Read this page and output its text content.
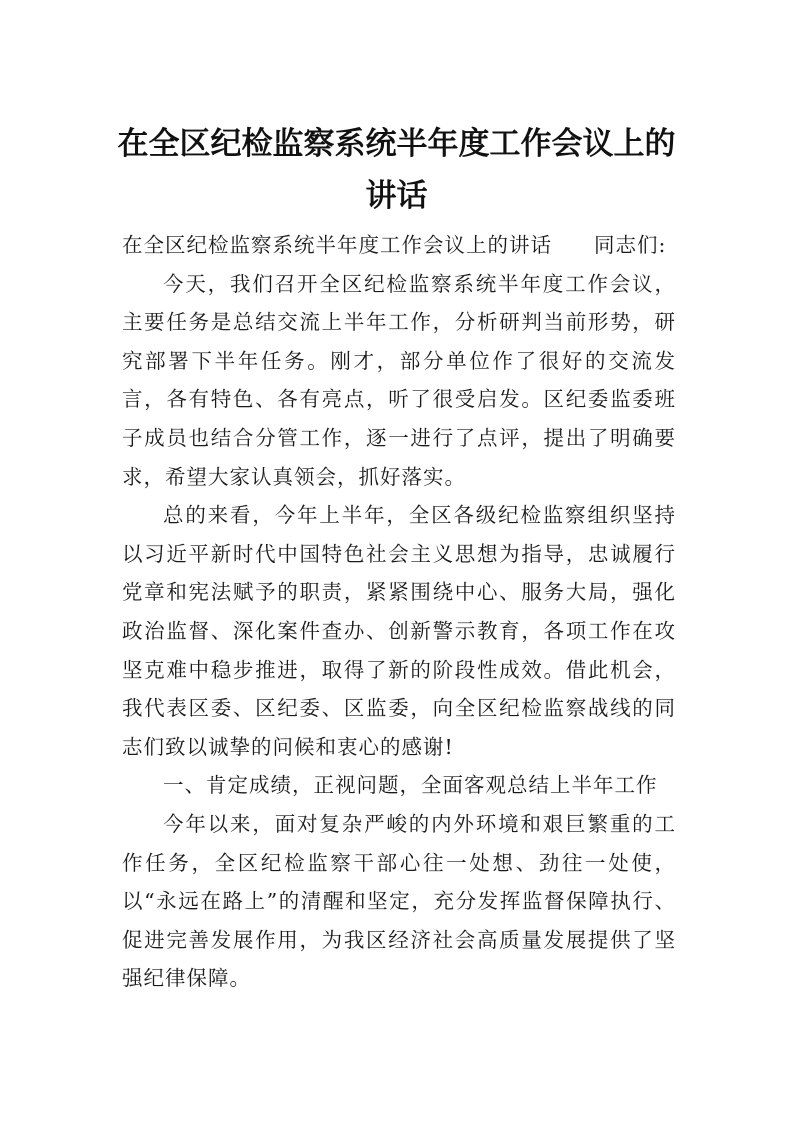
在全区纪检监察系统半年度工作会议上的
讲话

在全区纪检监察系统半年度工作会议上的讲话 同志们:

今天，我们召开全区纪检监察系统半年度工作会议，主要任务是总结交流上半年工作，分析研判当前形势，研究部署下半年任务。刚才，部分单位作了很好的交流发言，各有特色、各有亮点，听了很受启发。区纪委监委班子成员也结合分管工作，逐一进行了点评，提出了明确要求，希望大家认真领会，抓好落实。

总的来看，今年上半年，全区各级纪检监察组织坚持以习近平新时代中国特色社会主义思想为指导，忠诚履行党章和宪法赋予的职责，紧紧围绕中心、服务大局，强化政治监督、深化案件查办、创新警示教育，各项工作在攻坚克难中稳步推进，取得了新的阶段性成效。借此机会，我代表区委、区纪委、区监委，向全区纪检监察战线的同志们致以诚挚的问候和衷心的感谢!

一、肯定成绩，正视问题，全面客观总结上半年工作

今年以来，面对复杂严峻的内外环境和艰巨繁重的工作任务，全区纪检监察干部心往一处想、劲往一处使，以“永远在路上”的清醒和坚定，充分发挥监督保障执行、促进完善发展作用，为我区经济社会高质量发展提供了坚强纪律保障。
